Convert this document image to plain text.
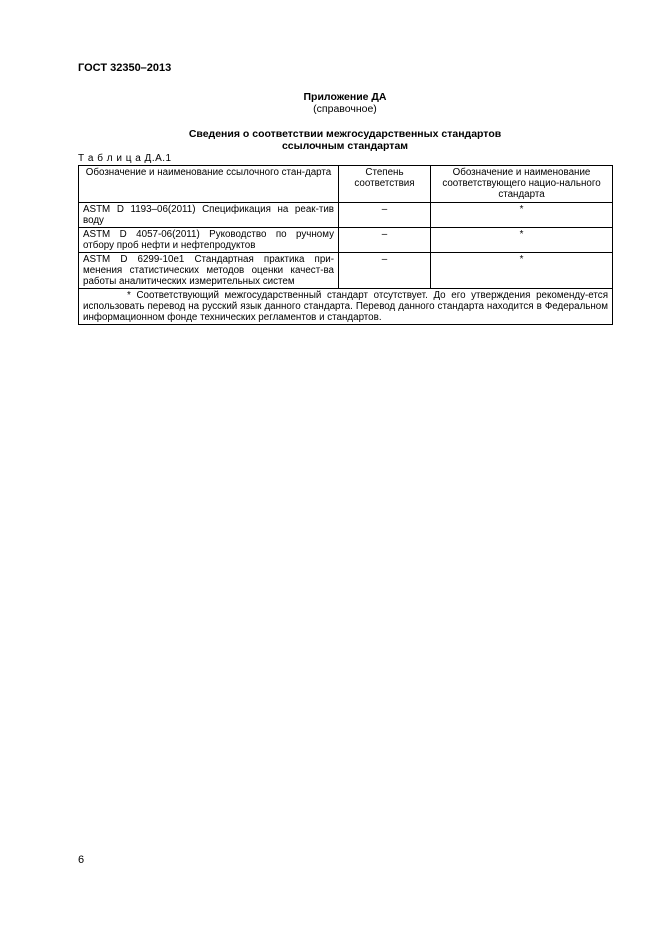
ГОСТ 32350–2013
Приложение ДА
(справочное)
Сведения о соответствии межгосударственных стандартов
ссылочным стандартам
Т а б л и ц а Д.А.1
Обозначение и наименование ссылочного стан-дарта	Степень соответствия	Обозначение и наименование соответствующего нацио-нального стандарта
ASTM D 1193–06(2011) Спецификация на реак-тив воду	–	*
ASTM D 4057-06(2011) Руководство по ручному отбору проб нефти и нефтепродуктов	–	*
ASTM D 6299-10e1 Стандартная практика при-менения статистических методов оценки качест-ва работы аналитических измерительных систем	–	*
* Соответствующий межгосударственный стандарт отсутствует. До его утверждения рекоменду-ется использовать перевод на русский язык данного стандарта. Перевод данного стандарта находится в Федеральном информационном фонде технических регламентов и стандартов.		
6
